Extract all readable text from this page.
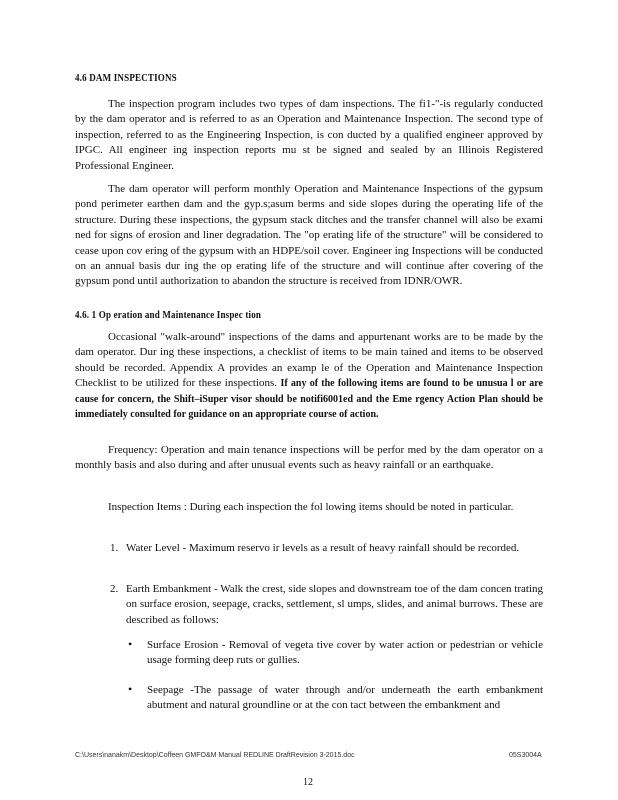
4.6 DAM INSPECTIONS

The inspection program includes two types of dam inspections. The fi1-"-is regularly conducted by the dam operator and is referred to as an Operation and Maintenance Inspection. The second type of inspection, referred to as the Engineering Inspection, is con ducted by a qualified engineer approved by IPGC. All engineer ing inspection reports mu st be signed and sealed by an Illinois Registered Professional Engineer.

The dam operator will perform monthly Operation and Maintenance Inspections of the gypsum pond perimeter earthen dam and the gyp.s;asum berms and side slopes during the operating life of the structure. During these inspections, the gypsum stack ditches and the transfer channel will also be exami ned for signs of erosion and liner degradation. The "op erating life of the structure" will be considered to cease upon cov ering of the gypsum with an HDPE/soil cover. Engineer ing Inspections will be conducted on an annual basis dur ing the op erating life of the structure and will continue after covering of the gypsum pond until authorization to abandon the structure is received from IDNR/OWR.

4.6. 1 Op eration and Maintenance Inspec tion

Occasional "walk-around" inspections of the dams and appurtenant works are to be made by the dam operator. Dur ing these inspections, a checklist of items to be main tained and items to be observed should be recorded. Appendix A provides an examp le of the Operation and Maintenance Inspection Checklist to be utilized for these inspections. If any of the following items are found to be unusua l or are cause for concern, the Shift–iSuper visor should be notifi6001ed and the Eme rgency Action Plan should be immediately consulted for guidance on an appropriate course of action.

Frequency: Operation and main tenance inspections will be perfor med by the dam operator on a monthly basis and also during and after unusual events such as heavy rainfall or an earthquake.

Inspection Items : During each inspection the fol lowing items should be noted in particular.

1. Water Level - Maximum reservo ir levels as a result of heavy rainfall should be recorded.
2. Earth Embankment - Walk the crest, side slopes and downstream toe of the dam concen trating on surface erosion, seepage, cracks, settlement, sl umps, slides, and animal burrows. These are described as follows:
• Surface Erosion - Removal of vegeta tive cover by water action or pedestrian or vehicle usage forming deep ruts or gullies.
• Seepage -The passage of water through and/or underneath the earth embankment abutment and natural groundline or at the con tact between the embankment and
C:\Users\nanakm\Desktop\Coffeen GMFO&M Manual REDLINE DraftRevision 3-2015.doc	05S3004A
12
